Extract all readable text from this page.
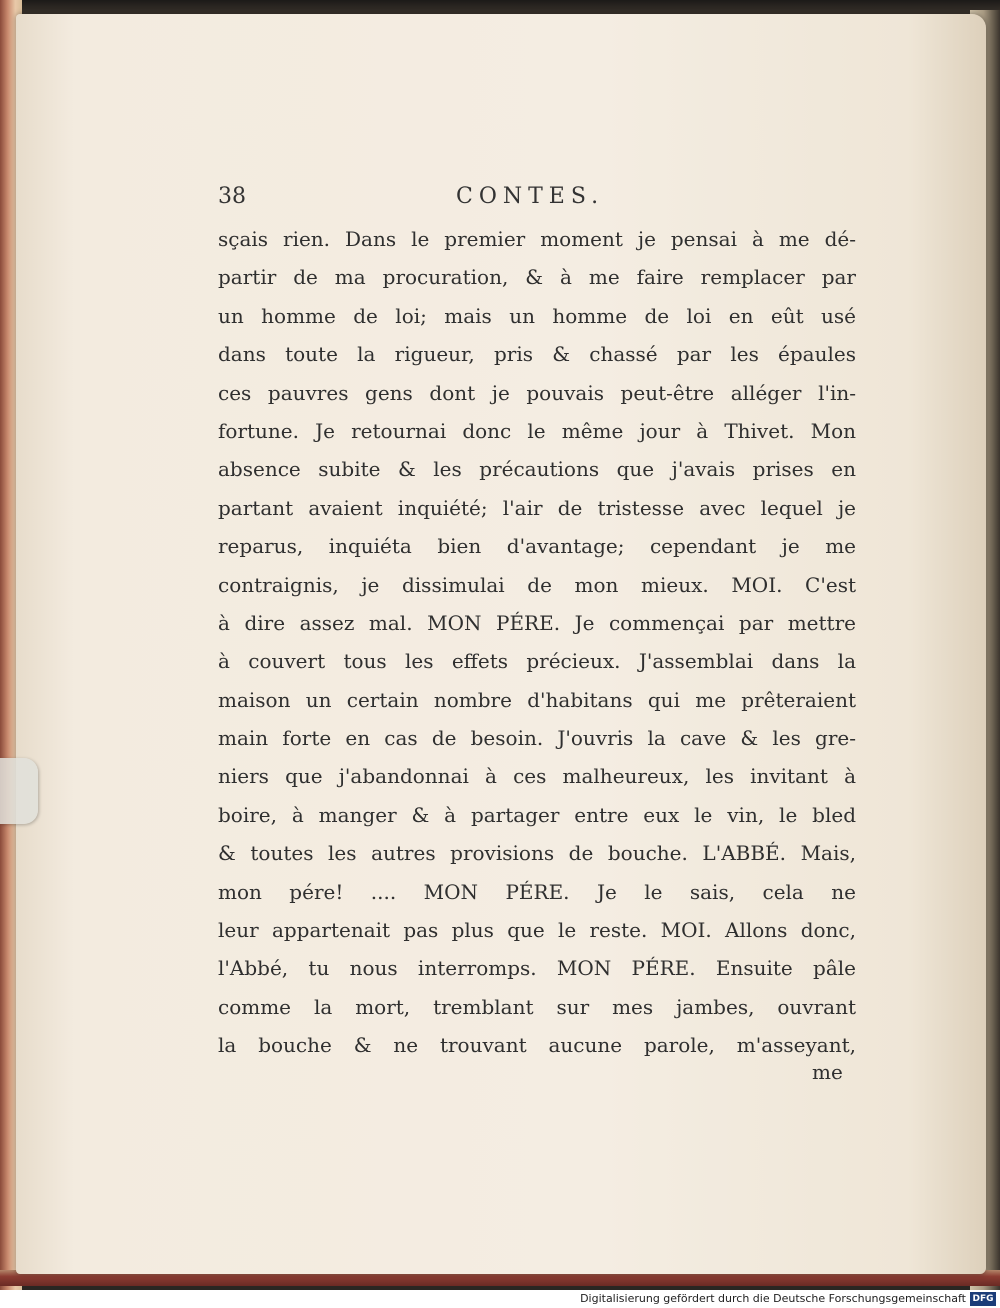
38	CONTES.
sçais rien. Dans le premier moment je pensai à me dé-
partir de ma procuration, & à me faire remplacer par
un homme de loi; mais un homme de loi en eût usé
dans toute la rigueur, pris & chassé par les épaules
ces pauvres gens dont je pouvais peut-être alléger l'in-
fortune. Je retournai donc le même jour à Thivet. Mon
absence subite & les précautions que j'avais prises en
partant avaient inquiété; l'air de tristesse avec lequel je
reparus, inquiéta bien d'avantage; cependant je me
contraignis, je dissimulai de mon mieux. MOI. C'est
à dire assez mal. MON PÉRE. Je commençai par mettre
à couvert tous les effets précieux. J'assemblai dans la
maison un certain nombre d'habitans qui me prêteraient
main forte en cas de besoin. J'ouvris la cave & les gre-
niers que j'abandonnai à ces malheureux, les invitant à
boire, à manger & à partager entre eux le vin, le bled
& toutes les autres provisions de bouche. L'ABBÉ. Mais,
mon pére! .... MON PÉRE. Je le sais, cela ne
leur appartenait pas plus que le reste. MOI. Allons donc,
l'Abbé, tu nous interromps. MON PÉRE. Ensuite pâle
comme la mort, tremblant sur mes jambes, ouvrant
la bouche & ne trouvant aucune parole, m'asseyant,
me
Digitalisierung gefördert durch die Deutsche Forschungsgemeinschaft DFG
